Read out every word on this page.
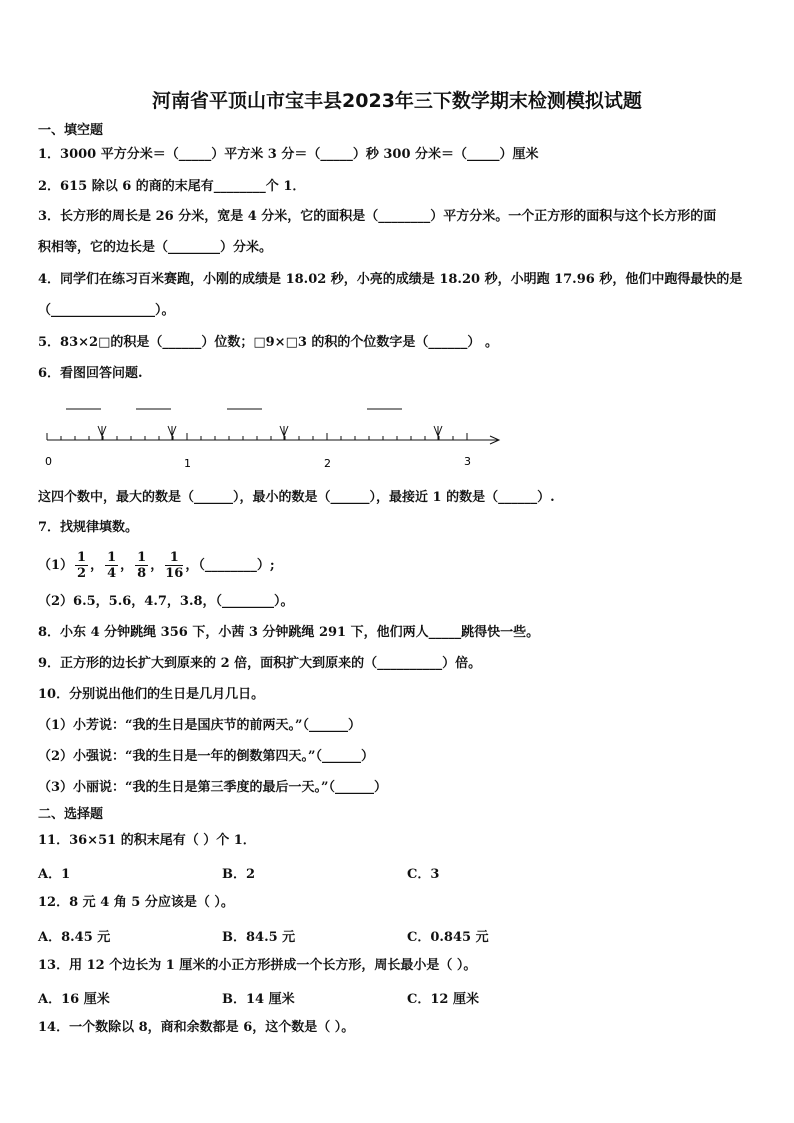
河南省平顶山市宝丰县2023年三下数学期末检测模拟试题
一、填空题
1．3000 平方分米＝（_____）平方米 3 分＝（_____）秒 300 分米＝（_____）厘米
2．615 除以 6 的商的末尾有________个 1．
3．长方形的周长是 26 分米，宽是 4 分米，它的面积是（________）平方分米。一个正方形的面积与这个长方形的面
积相等，它的边长是（________）分米。
4．同学们在练习百米赛跑，小刚的成绩是 18.02 秒，小亮的成绩是 18.20 秒，小明跑 17.96 秒，他们中跑得最快的是
（________________）。
5．83×2□的积是（______）位数；□9×□3 的积的个位数字是（______） 。
6．看图回答问题.
0	1	2	3
这四个数中，最大的数是（______），最小的数是（______），最接近 1 的数是（______）.
7．找规律填数。
$(1) \frac{1}{2}$ ， $\frac{1}{4}$ ， $\frac{1}{8}$ ， $\frac{1}{16}$ ，（________）;
（2）6.5，5.6，4.7，3.8，（________）。
8．小东 4 分钟跳绳 356 下，小茜 3 分钟跳绳 291 下，他们两人_____跳得快一些。
9．正方形的边长扩大到原来的 2 倍，面积扩大到原来的（__________）倍。
10．分别说出他们的生日是几月几日。
（1）小芳说：“我的生日是国庆节的前两天。”（______）
（2）小强说：“我的生日是一年的倒数第四天。”（______）
（3）小丽说：“我的生日是第三季度的最后一天。”（______）
二、选择题
11．36×51 的积末尾有（ ）个 1．
A．1	B．2	C．3
12．8 元 4 角 5 分应该是（ ）。
A．8.45 元	B．84.5 元	C．0.845 元
13．用 12 个边长为 1 厘米的小正方形拼成一个长方形，周长最小是（ ）。
A．16 厘米	B．14 厘米	C．12 厘米
14．一个数除以 8，商和余数都是 6，这个数是（ ）。
